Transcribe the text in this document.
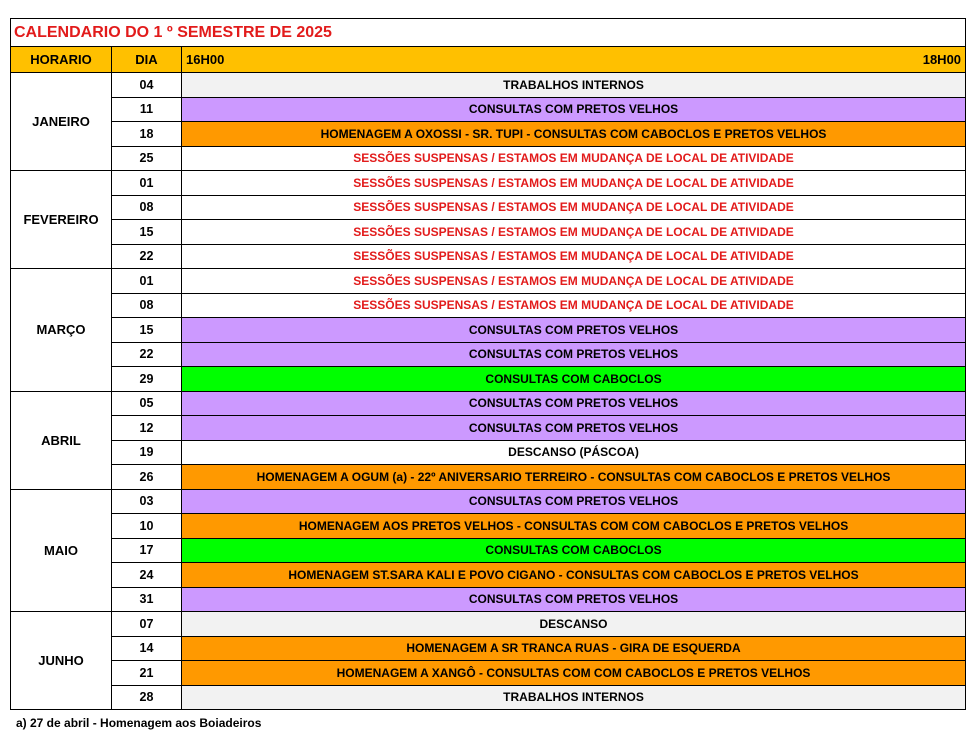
CALENDARIO DO 1 º SEMESTRE DE 2025		
HORARIO	DIA	16H00 18H00

JANEIRO	04	TRABALHOS INTERNOS
	11	CONSULTAS COM PRETOS VELHOS
	18	HOMENAGEM A OXOSSI - SR. TUPI - CONSULTAS COM CABOCLOS E PRETOS VELHOS
	25	SESSÕES SUSPENSAS / ESTAMOS EM MUDANÇA DE LOCAL DE ATIVIDADE
FEVEREIRO	01	SESSÕES SUSPENSAS / ESTAMOS EM MUDANÇA DE LOCAL DE ATIVIDADE
	08	SESSÕES SUSPENSAS / ESTAMOS EM MUDANÇA DE LOCAL DE ATIVIDADE
	15	SESSÕES SUSPENSAS / ESTAMOS EM MUDANÇA DE LOCAL DE ATIVIDADE
	22	SESSÕES SUSPENSAS / ESTAMOS EM MUDANÇA DE LOCAL DE ATIVIDADE
MARÇO	01	SESSÕES SUSPENSAS / ESTAMOS EM MUDANÇA DE LOCAL DE ATIVIDADE
	08	SESSÕES SUSPENSAS / ESTAMOS EM MUDANÇA DE LOCAL DE ATIVIDADE
	15	CONSULTAS COM PRETOS VELHOS
	22	CONSULTAS COM PRETOS VELHOS
	29	CONSULTAS COM CABOCLOS
ABRIL	05	CONSULTAS COM PRETOS VELHOS
	12	CONSULTAS COM PRETOS VELHOS
	19	DESCANSO (PÁSCOA)
	26	HOMENAGEM A OGUM (a) - 22º ANIVERSARIO TERREIRO - CONSULTAS COM CABOCLOS E PRETOS VELHOS
MAIO	03	CONSULTAS COM PRETOS VELHOS
	10	HOMENAGEM AOS PRETOS VELHOS - CONSULTAS COM COM CABOCLOS E PRETOS VELHOS
	17	CONSULTAS COM CABOCLOS
	24	HOMENAGEM ST.SARA KALI E POVO CIGANO - CONSULTAS COM CABOCLOS E PRETOS VELHOS
	31	CONSULTAS COM PRETOS VELHOS
JUNHO	07	DESCANSO
	14	HOMENAGEM A SR TRANCA RUAS - GIRA DE ESQUERDA
	21	HOMENAGEM A XANGÔ - CONSULTAS COM COM CABOCLOS E PRETOS VELHOS
	28	TRABALHOS INTERNOS
a) 27 de abril - Homenagem aos Boiadeiros
